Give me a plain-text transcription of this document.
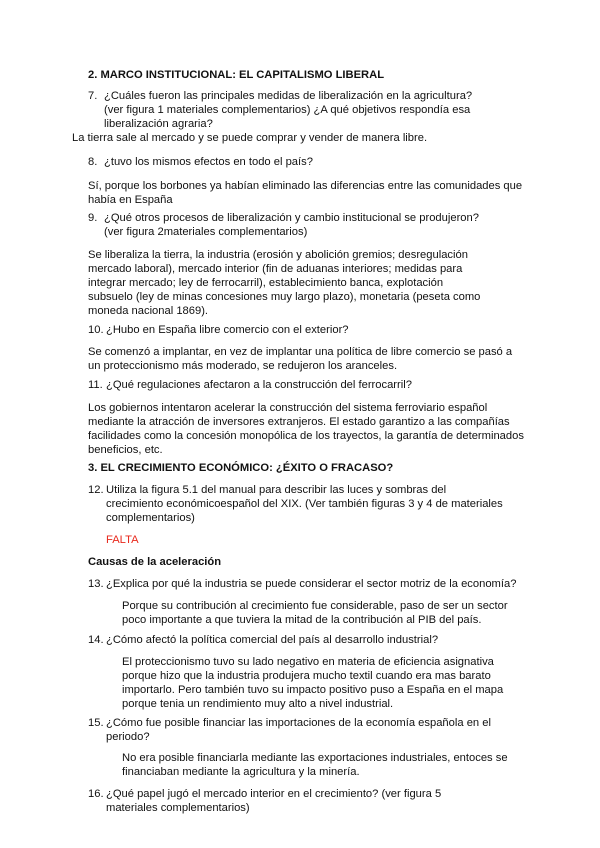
2. MARCO INSTITUCIONAL: EL CAPITALISMO LIBERAL
7. ¿Cuáles fueron las principales medidas de liberalización en la agricultura?
(ver figura 1 materiales complementarios) ¿A qué objetivos respondía esa
liberalización agraria?
La tierra sale al mercado y se puede comprar y vender de manera libre.
8. ¿tuvo los mismos efectos en todo el país?
Sí, porque los borbones ya habían eliminado las diferencias entre las comunidades que
había en España
9. ¿Qué otros procesos de liberalización y cambio institucional se produjeron?
(ver figura 2materiales complementarios)
Se liberaliza la tierra, la industria (erosión y abolición gremios; desregulación
mercado laboral), mercado interior (fin de aduanas interiores; medidas para
integrar mercado; ley de ferrocarril), establecimiento banca, explotación
subsuelo (ley de minas concesiones muy largo plazo), monetaria (peseta como
moneda nacional 1869).
10. ¿Hubo en España libre comercio con el exterior?
Se comenzó a implantar, en vez de implantar una política de libre comercio se pasó a
un proteccionismo más moderado, se redujeron los aranceles.
11. ¿Qué regulaciones afectaron a la construcción del ferrocarril?
Los gobiernos intentaron acelerar la construcción del sistema ferroviario español
mediante la atracción de inversores extranjeros. El estado garantizo a las compañías
facilidades como la concesión monopólica de los trayectos, la garantía de determinados
beneficios, etc.
3. EL CRECIMIENTO ECONÓMICO: ¿ÉXITO O FRACASO?
12. Utiliza la figura 5.1 del manual para describir las luces y sombras del
crecimiento económicoespañol del XIX. (Ver también figuras 3 y 4 de materiales
complementarios)
FALTA
Causas de la aceleración
13. ¿Explica por qué la industria se puede considerar el sector motriz de la economía?
Porque su contribución al crecimiento fue considerable, paso de ser un sector
poco importante a que tuviera la mitad de la contribución al PIB del país.
14. ¿Cómo afectó la política comercial del país al desarrollo industrial?
El proteccionismo tuvo su lado negativo en materia de eficiencia asignativa
porque hizo que la industria produjera mucho textil cuando era mas barato
importarlo. Pero también tuvo su impacto positivo puso a España en el mapa
porque tenia un rendimiento muy alto a nivel industrial.
15. ¿Cómo fue posible financiar las importaciones de la economía española en el
periodo?
No era posible financiarla mediante las exportaciones industriales, entoces se
financiaban mediante la agricultura y la minería.
16. ¿Qué papel jugó el mercado interior en el crecimiento? (ver figura 5
materiales complementarios)
